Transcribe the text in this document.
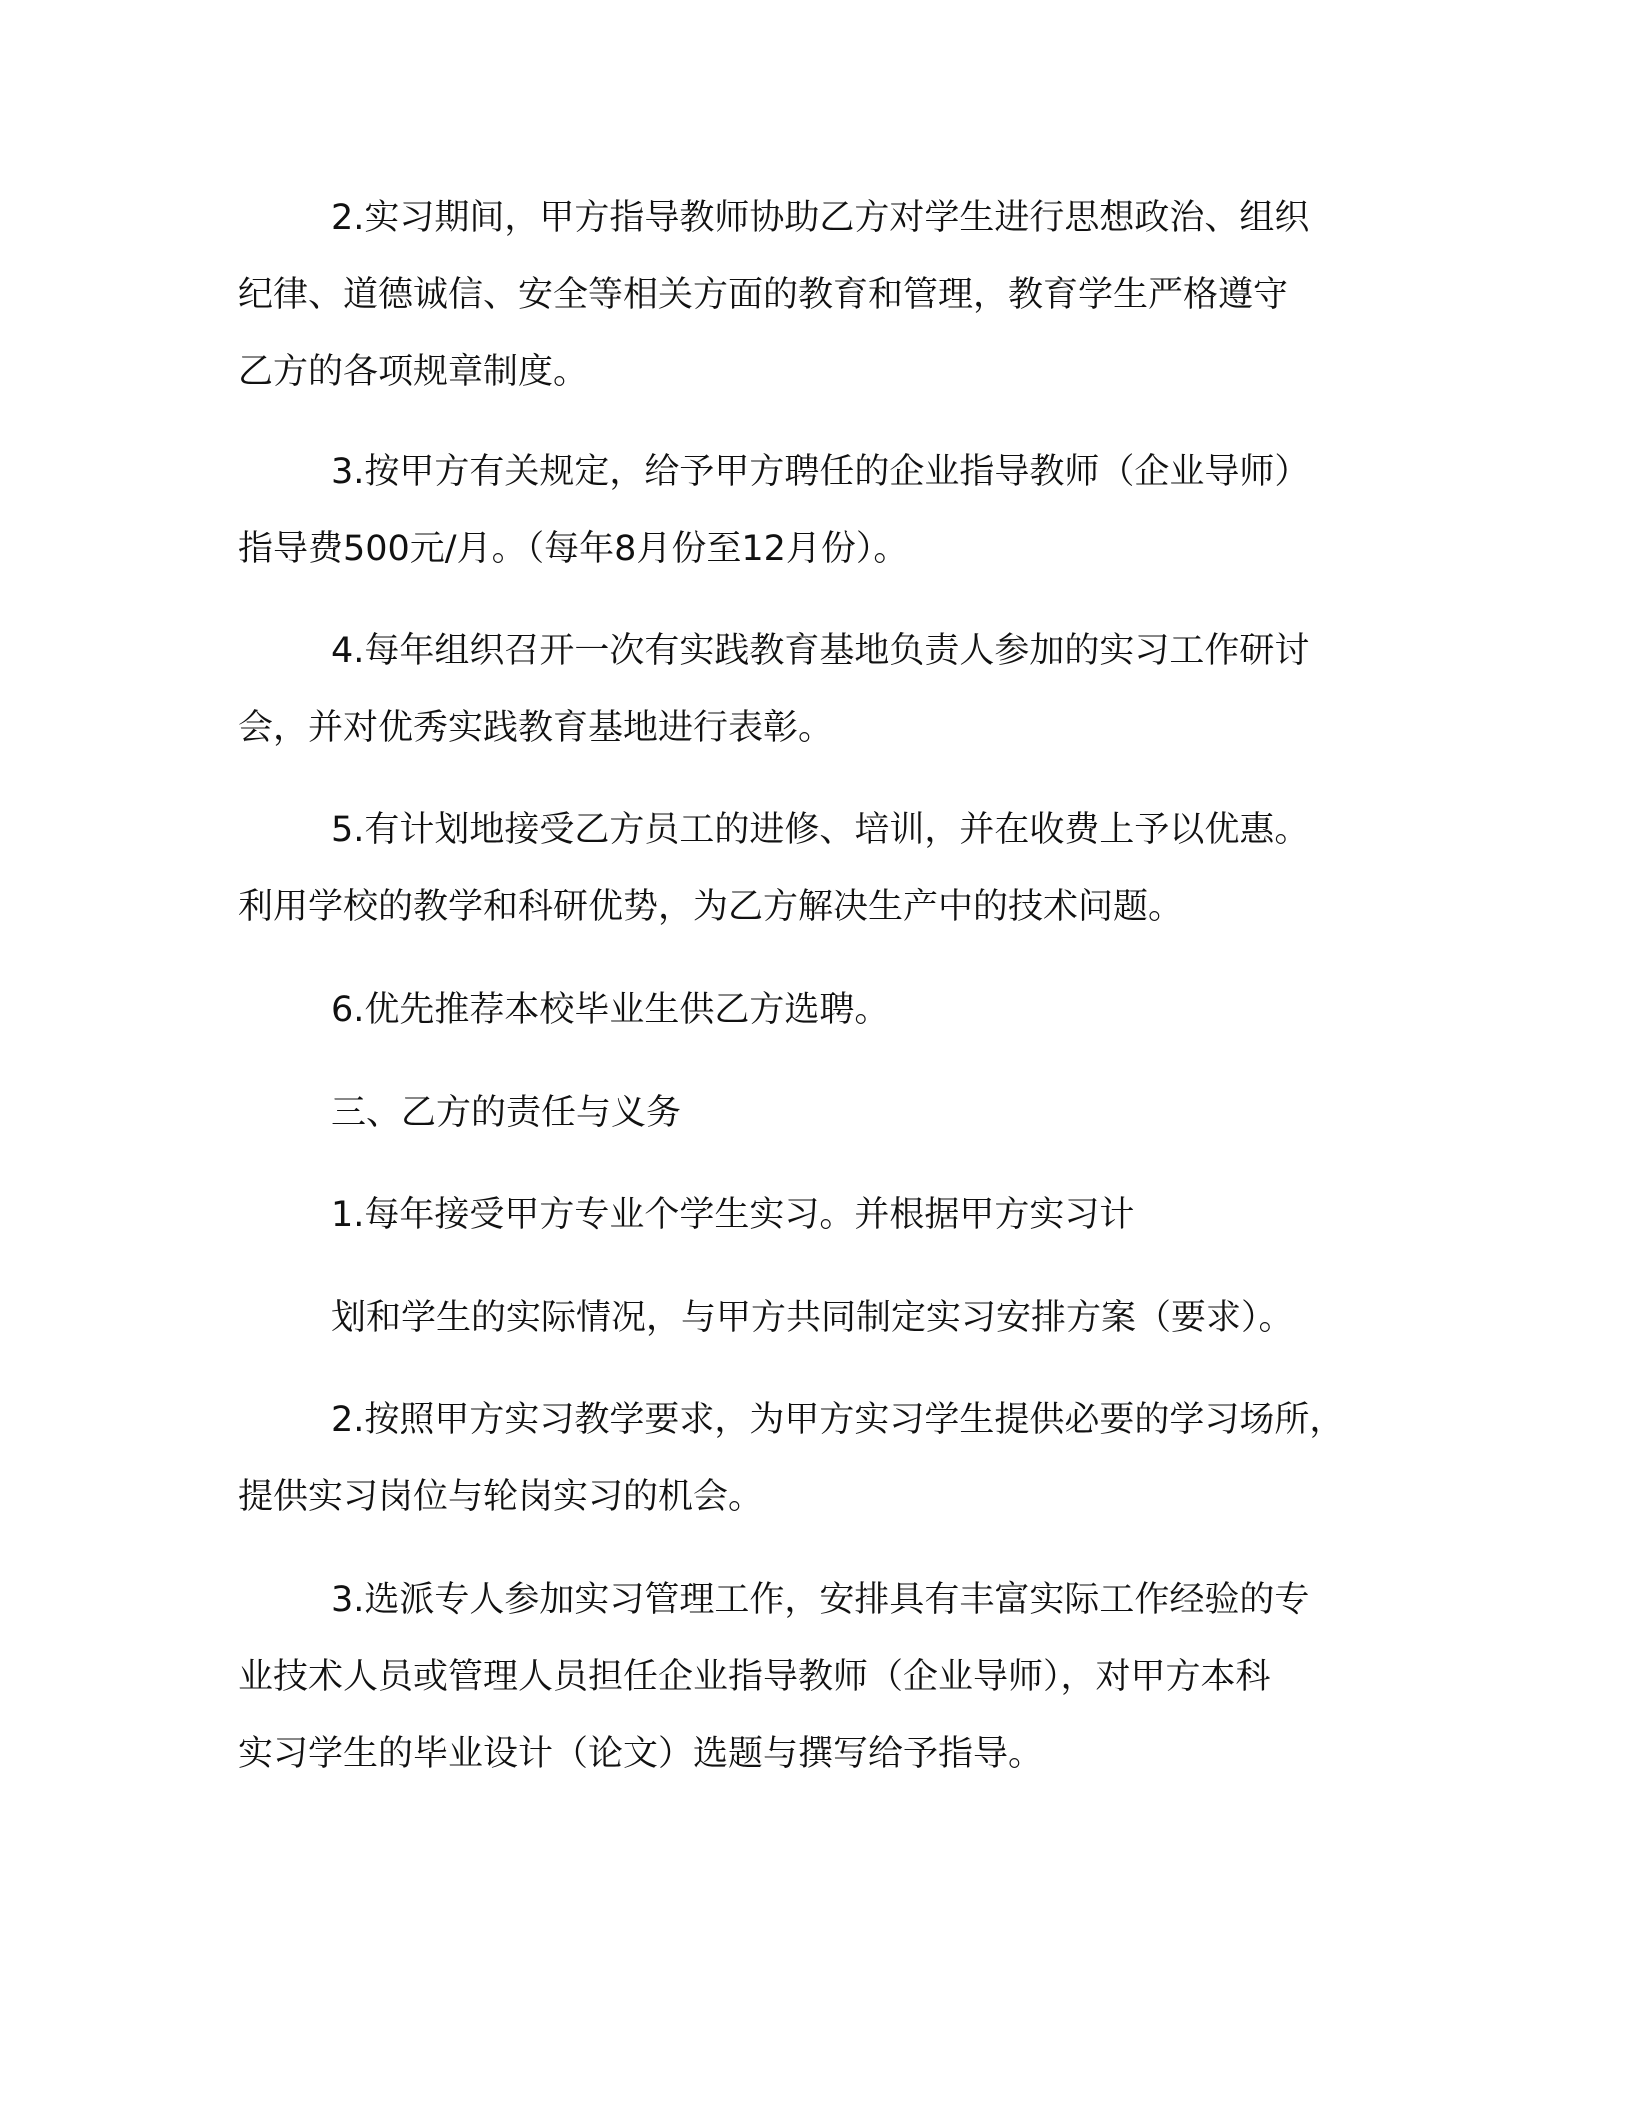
2.实习期间，甲方指导教师协助乙方对学生进行思想政治、组织
纪律、道德诚信、安全等相关方面的教育和管理，教育学生严格遵守
乙方的各项规章制度。
3.按甲方有关规定，给予甲方聘任的企业指导教师（企业导师）
指导费500元/月。（每年8月份至12月份）。
4.每年组织召开一次有实践教育基地负责人参加的实习工作研讨
会，并对优秀实践教育基地进行表彰。
5.有计划地接受乙方员工的进修、培训，并在收费上予以优惠。
利用学校的教学和科研优势，为乙方解决生产中的技术问题。
6.优先推荐本校毕业生供乙方选聘。
三、乙方的责任与义务
1.每年接受甲方专业个学生实习。并根据甲方实习计
划和学生的实际情况，与甲方共同制定实习安排方案（要求）。
2.按照甲方实习教学要求，为甲方实习学生提供必要的学习场所，
提供实习岗位与轮岗实习的机会。
3.选派专人参加实习管理工作，安排具有丰富实际工作经验的专
业技术人员或管理人员担任企业指导教师（企业导师），对甲方本科
实习学生的毕业设计（论文）选题与撰写给予指导。
